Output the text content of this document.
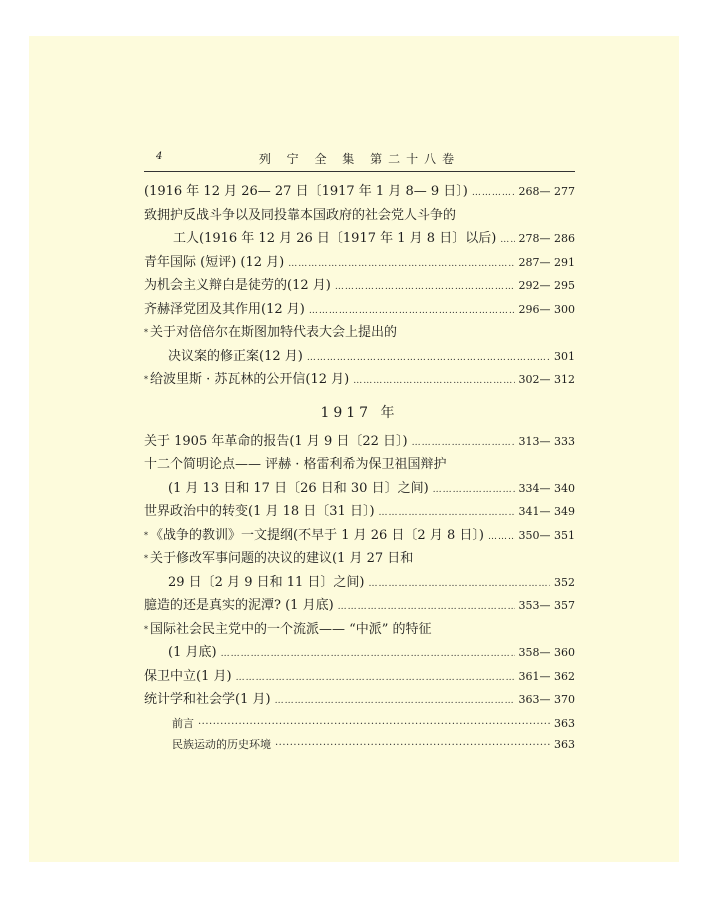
4	列 宁 全 集 第二十八卷
(1916 年 12 月 26— 27 日〔1917 年 1 月 8— 9 日〕) …………………………………………………………………………………………………………………………	268— 277
致拥护反战斗争以及同投靠本国政府的社会党人斗争的
工人(1916 年 12 月 26 日〔1917 年 1 月 8 日〕以后) ………………………………………………………………………………………………………………………… 278— 286
青年国际 (短评) (12 月) …………………………………………………………………………………………………………………………	287— 291
为机会主义辩白是徒劳的(12 月) …………………………………………………………………………………………………………………………	292— 295
齐赫泽党团及其作用(12 月) …………………………………………………………………………………………………………………………	296— 300
* 关于对倍倍尔在斯图加特代表大会上提出的
决议案的修正案(12 月) …………………………………………………………………………………………………………………………	301
* 给波里斯 · 苏瓦林的公开信(12 月) …………………………………………………………………………………………………………………………	302— 312
1917 年
关于 1905 年革命的报告(1 月 9 日〔22 日〕) …………………………………………………………………………………………………………………………	313— 333
十二个简明论点—— 评赫 · 格雷利希为保卫祖国辩护
(1 月 13 日和 17 日〔26 日和 30 日〕之间) …………………………………………………………………………………………………………………………	334— 340
世界政治中的转变(1 月 18 日〔31 日〕) …………………………………………………………………………………………………………………………	341— 349
* 《战争的教训》一文提纲(不早于 1 月 26 日〔2 月 8 日〕) …………………………………………………………………………………………………………………………	350— 351
* 关于修改军事问题的决议的建议(1 月 27 日和
29 日〔2 月 9 日和 11 日〕之间) …………………………………………………………………………………………………………………………	352
臆造的还是真实的泥潭? (1 月底) …………………………………………………………………………………………………………………………	353— 357
* 国际社会民主党中的一个流派—— “中派” 的特征
(1 月底) …………………………………………………………………………………………………………………………	358— 360
保卫中立(1 月) …………………………………………………………………………………………………………………………	361— 362
统计学和社会学(1 月) …………………………………………………………………………………………………………………………	363— 370
前言 ·····	363
民族运动的历史环境 ·····	363
